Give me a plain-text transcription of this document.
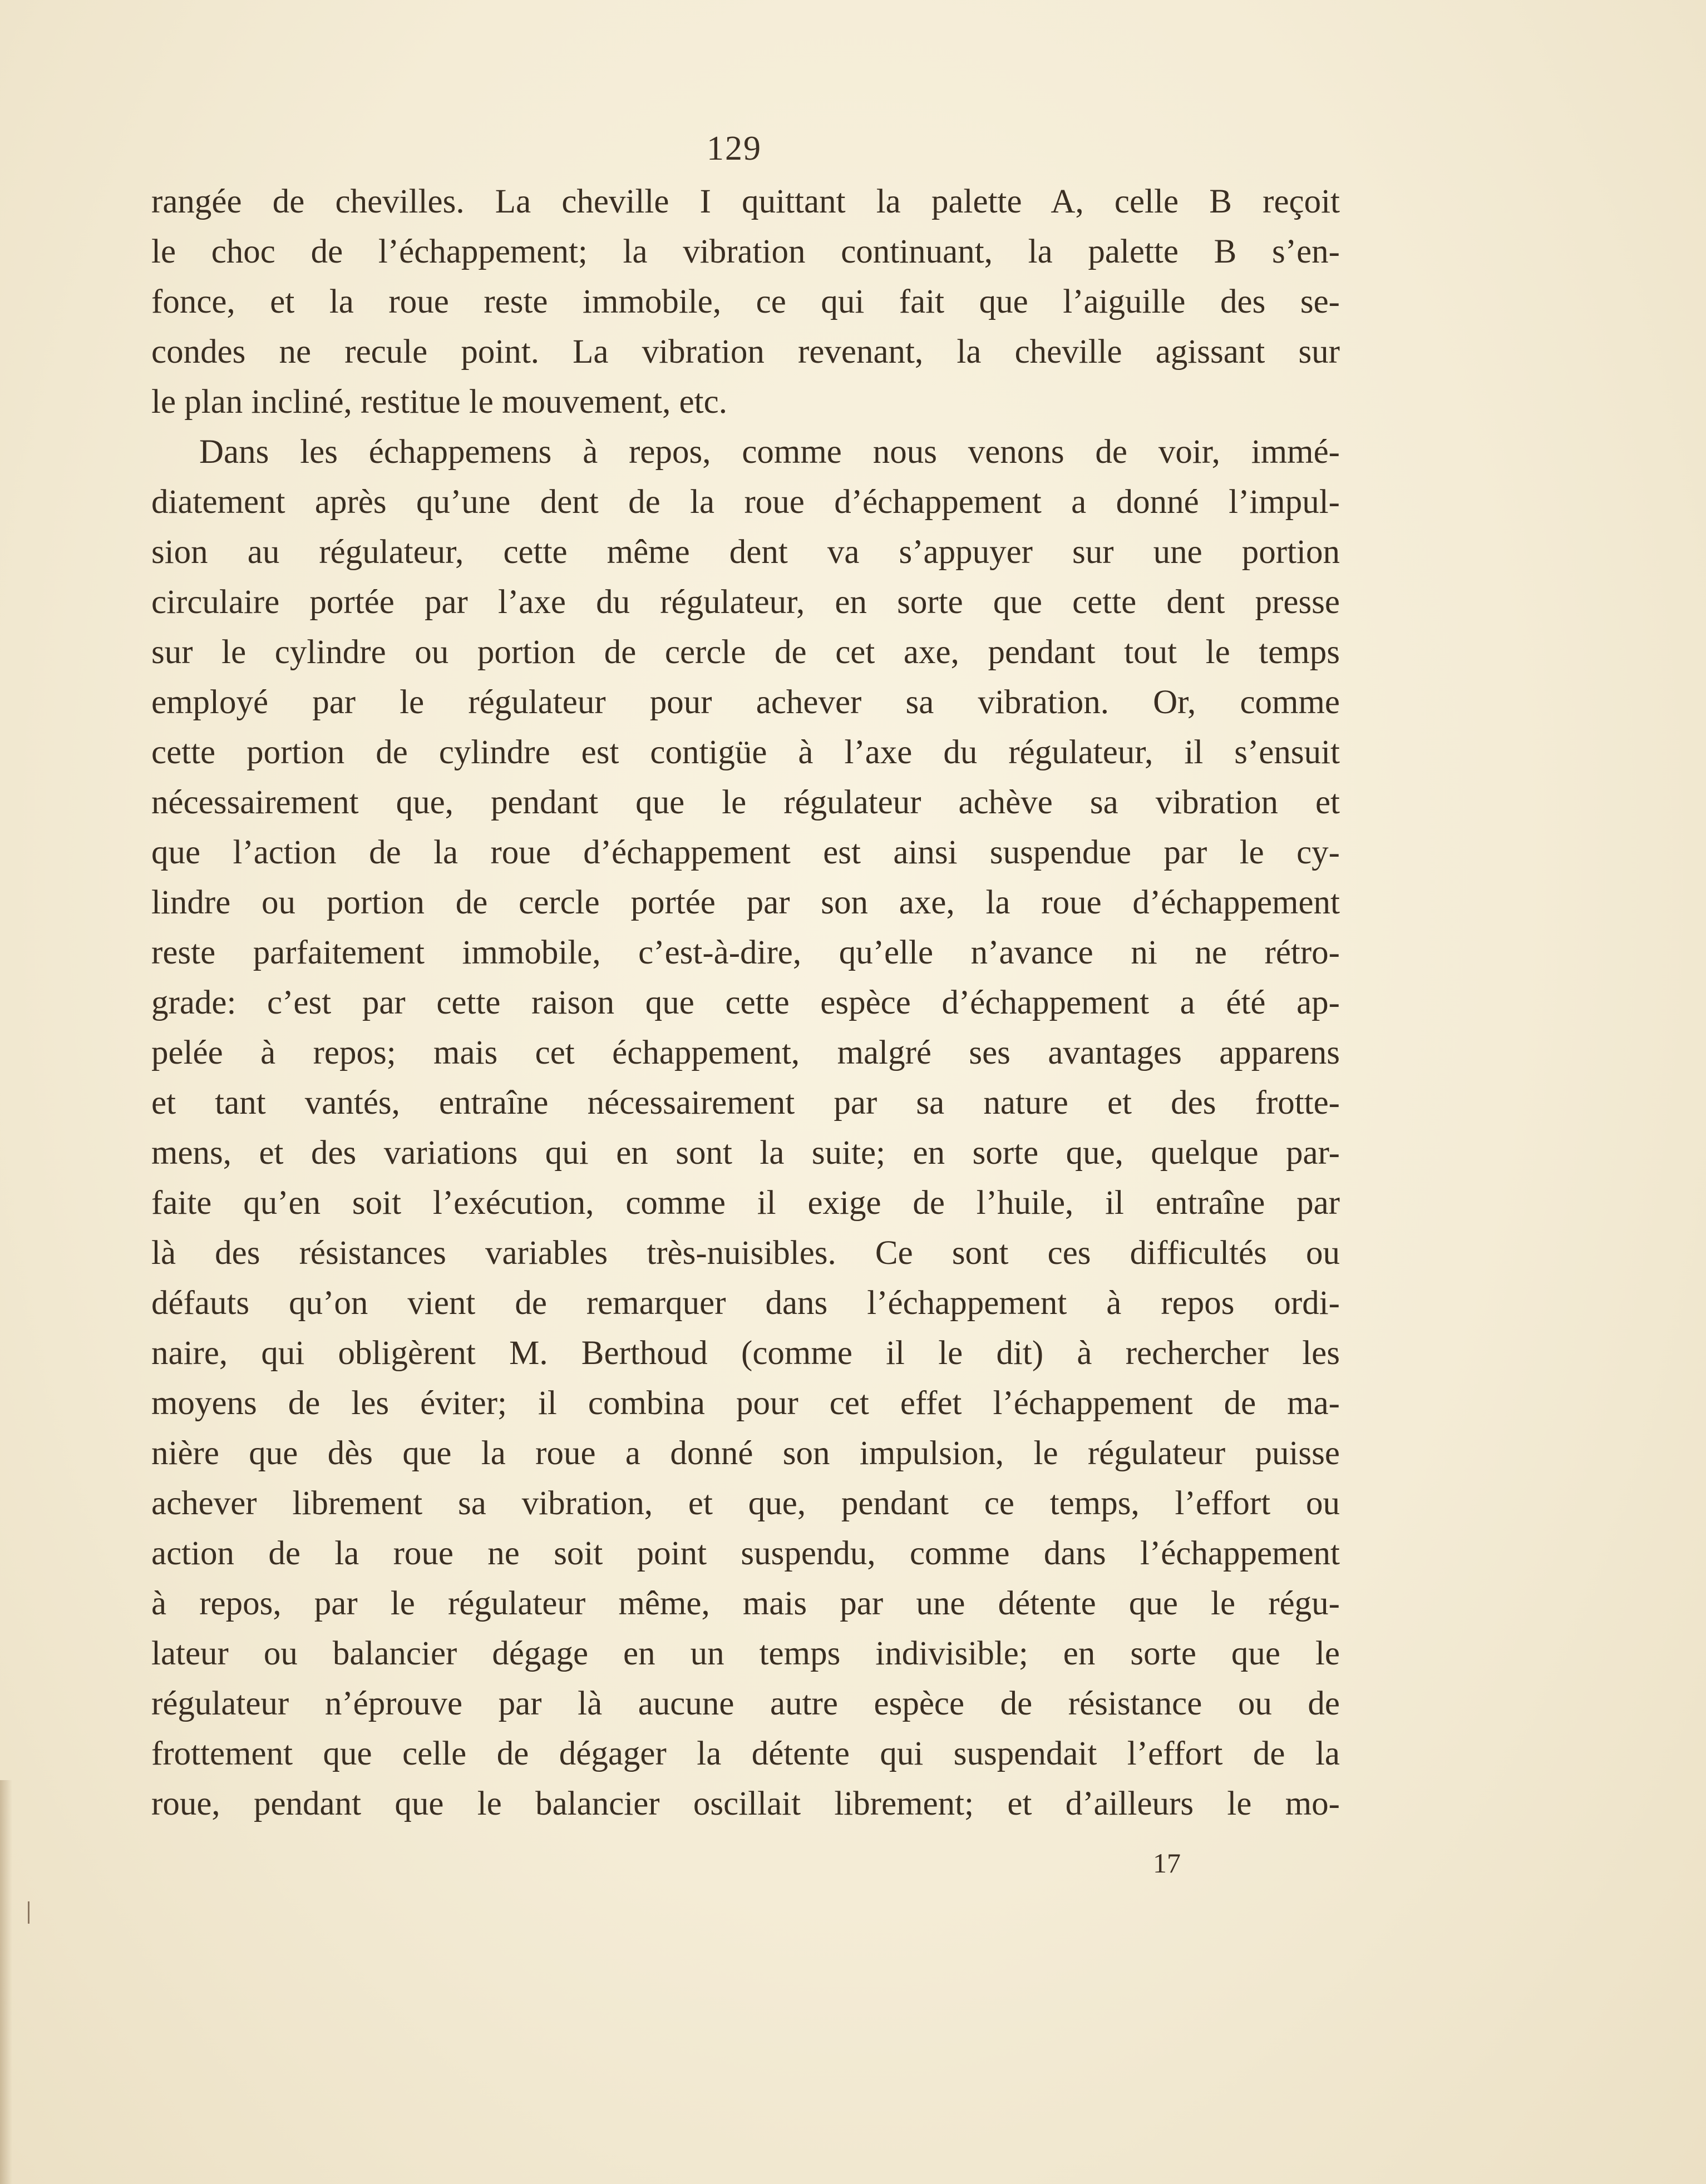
129
rangée de chevilles. La cheville I quittant la palette A, celle B reçoit
le choc de l’échappement; la vibration continuant, la palette B s’en-
fonce, et la roue reste immobile, ce qui fait que l’aiguille des se-
condes ne recule point. La vibration revenant, la cheville agissant sur
le plan incliné, restitue le mouvement, etc.
Dans les échappemens à repos, comme nous venons de voir, immé-
diatement après qu’une dent de la roue d’échappement a donné l’impul-
sion au régulateur, cette même dent va s’appuyer sur une portion
circulaire portée par l’axe du régulateur, en sorte que cette dent presse
sur le cylindre ou portion de cercle de cet axe, pendant tout le temps
employé par le régulateur pour achever sa vibration. Or, comme
cette portion de cylindre est contigüe à l’axe du régulateur, il s’ensuit
nécessairement que, pendant que le régulateur achève sa vibration et
que l’action de la roue d’échappement est ainsi suspendue par le cy-
lindre ou portion de cercle portée par son axe, la roue d’échappement
reste parfaitement immobile, c’est-à-dire, qu’elle n’avance ni ne rétro-
grade: c’est par cette raison que cette espèce d’échappement a été ap-
pelée à repos; mais cet échappement, malgré ses avantages apparens
et tant vantés, entraîne nécessairement par sa nature et des frotte-
mens, et des variations qui en sont la suite; en sorte que, quelque par-
faite qu’en soit l’exécution, comme il exige de l’huile, il entraîne par
là des résistances variables très-nuisibles. Ce sont ces difficultés ou
défauts qu’on vient de remarquer dans l’échappement à repos ordi-
naire, qui obligèrent M. Berthoud (comme il le dit) à rechercher les
moyens de les éviter; il combina pour cet effet l’échappement de ma-
nière que dès que la roue a donné son impulsion, le régulateur puisse
achever librement sa vibration, et que, pendant ce temps, l’effort ou
action de la roue ne soit point suspendu, comme dans l’échappement
à repos, par le régulateur même, mais par une détente que le régu-
lateur ou balancier dégage en un temps indivisible; en sorte que le
régulateur n’éprouve par là aucune autre espèce de résistance ou de
frottement que celle de dégager la détente qui suspendait l’effort de la
roue, pendant que le balancier oscillait librement; et d’ailleurs le mo-
17
